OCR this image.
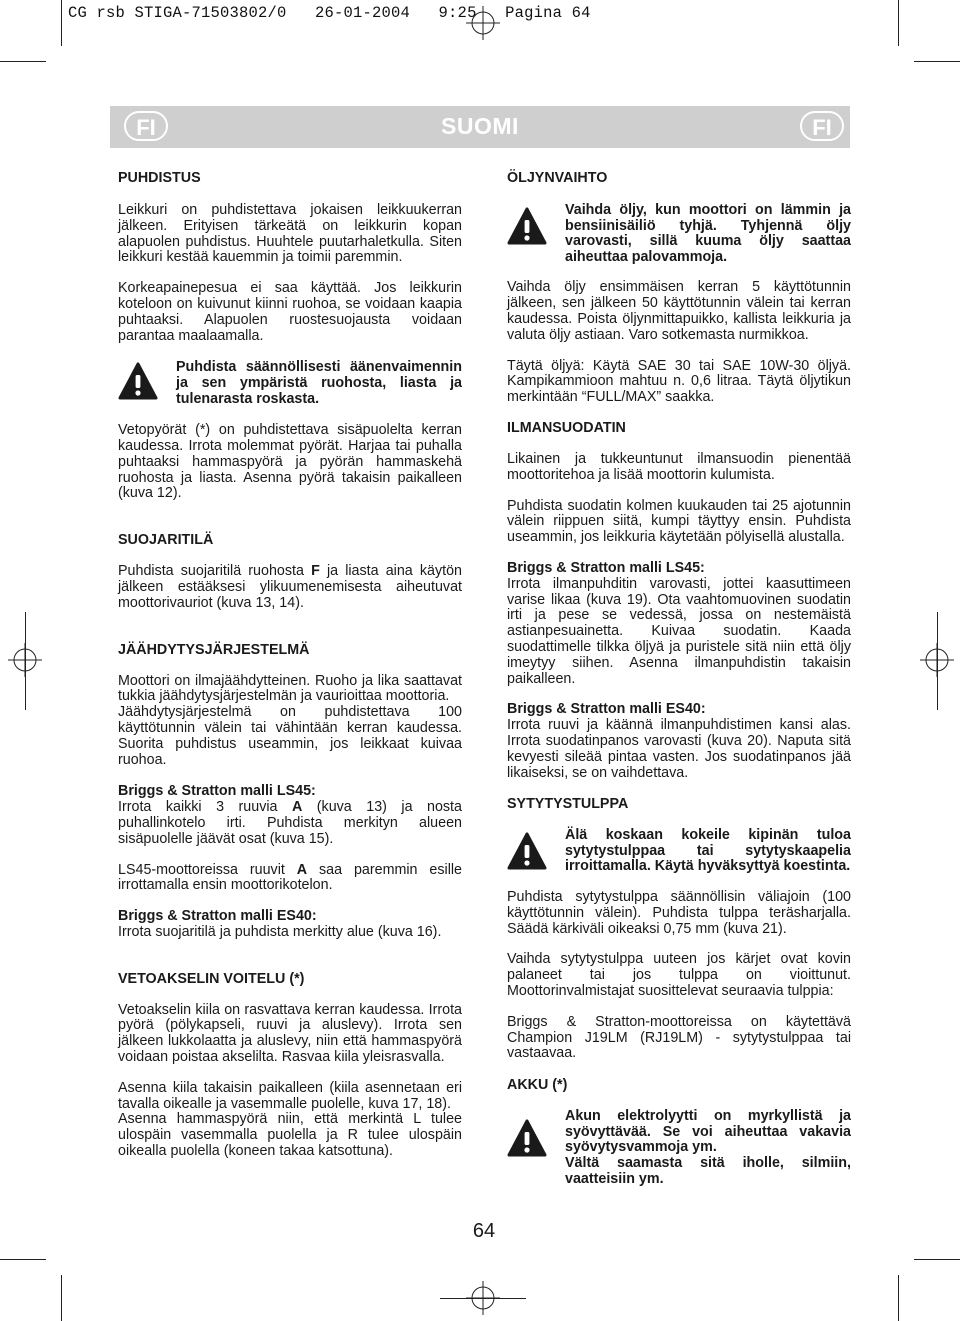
CG rsb STIGA-71503802/0   26-01-2004   9:25   Pagina 64
FI	SUOMI	FI
PUHDISTUS

Leikkuri on puhdistettava jokaisen leikkuukerran jälkeen. Erityisen tärkeätä on leikkurin kopan alapuolen puhdistus. Huuhtele puutarhaletkulla. Siten leikkuri kestää kauemmin ja toimii paremmin.

Korkeapainepesua ei saa käyttää. Jos leikkurin koteloon on kuivunut kiinni ruohoa, se voidaan kaapia puhtaaksi. Alapuolen ruostesuojausta voidaan parantaa maalaamalla.

Puhdista säännöllisesti äänenvaimennin ja sen ympäristä ruohosta, liasta ja tulenarasta roskasta.

Vetopyörät (*) on puhdistettava sisäpuolelta kerran kaudessa. Irrota molemmat pyörät. Harjaa tai puhalla puhtaaksi hammaspyörä ja pyörän hammaskehä ruohosta ja liasta. Asenna pyörä takaisin paikalleen (kuva 12).

SUOJARITILÄ

Puhdista suojaritilä ruohosta F ja liasta aina käytön jälkeen estääksesi ylikuumenemisesta aiheutuvat moottorivauriot (kuva 13, 14).

JÄÄHDYTYSJÄRJESTELMÄ

Moottori on ilmajäähdytteinen. Ruoho ja lika saattavat tukkia jäähdytysjärjestelmän ja vaurioittaa moottoria.

Jäähdytysjärjestelmä on puhdistettava 100 käyttötunnin välein tai vähintään kerran kaudessa. Suorita puhdistus useammin, jos leikkaat kuivaa ruohoa.

Briggs & Stratton malli LS45:

Irrota kaikki 3 ruuvia A (kuva 13) ja nosta puhallinkotelo irti. Puhdista merkityn alueen sisäpuolelle jäävät osat (kuva 15).

LS45-moottoreissa ruuvit A saa paremmin esille irrottamalla ensin moottorikotelon.

Briggs & Stratton malli ES40:

Irrota suojaritilä ja puhdista merkitty alue (kuva 16).

VETOAKSELIN VOITELU (*)

Vetoakselin kiila on rasvattava kerran kaudessa. Irrota pyörä (pölykapseli, ruuvi ja aluslevy). Irrota sen jälkeen lukkolaatta ja aluslevy, niin että hammaspyörä voidaan poistaa akselilta. Rasvaa kiila yleisrasvalla.

Asenna kiila takaisin paikalleen (kiila asennetaan eri tavalla oikealle ja vasemmalle puolelle, kuva 17, 18).

Asenna hammaspyörä niin, että merkintä L tulee ulospäin vasemmalla puolella ja R tulee ulospäin oikealla puolella (koneen takaa katsottuna).

ÖLJYNVAIHTO

Vaihda öljy, kun moottori on lämmin ja bensiinisäiliö tyhjä. Tyhjennä öljy varovasti, sillä kuuma öljy saattaa aiheuttaa palovammoja.

Vaihda öljy ensimmäisen kerran 5 käyttötunnin jälkeen, sen jälkeen 50 käyttötunnin välein tai kerran kaudessa. Poista öljynmittapuikko, kallista leikkuria ja valuta öljy astiaan. Varo sotkemasta nurmikkoa.

Täytä öljyä: Käytä SAE 30 tai SAE 10W-30 öljyä. Kampikammioon mahtuu n. 0,6 litraa. Täytä öljytikun merkintään “FULL/MAX” saakka.

ILMANSUODATIN

Likainen ja tukkeuntunut ilmansuodin pienentää moottoritehoa ja lisää moottorin kulumista.

Puhdista suodatin kolmen kuukauden tai 25 ajotunnin välein riippuen siitä, kumpi täyttyy ensin. Puhdista useammin, jos leikkuria käytetään pölyisellä alustalla.

Briggs & Stratton malli LS45:

Irrota ilmanpuhditin varovasti, jottei kaasuttimeen varise likaa (kuva 19). Ota vaahtomuovinen suodatin irti ja pese se vedessä, jossa on nestemäistä astianpesuainetta. Kuivaa suodatin. Kaada suodattimelle tilkka öljyä ja puristele sitä niin että öljy imeytyy siihen. Asenna ilmanpuhdistin takaisin paikalleen.

Briggs & Stratton malli ES40:

Irrota ruuvi ja käännä ilmanpuhdistimen kansi alas. Irrota suodatinpanos varovasti (kuva 20). Naputa sitä kevyesti sileää pintaa vasten. Jos suodatinpanos jää likaiseksi, se on vaihdettava.

SYTYTYSTULPPA

Älä koskaan kokeile kipinän tuloa sytytystulppaa tai sytytyskaapelia irroittamalla. Käytä hyväksyttyä koestinta.

Puhdista sytytystulppa säännöllisin väliajoin (100 käyttötunnin välein). Puhdista tulppa teräsharjalla. Säädä kärkiväli oikeaksi 0,75 mm (kuva 21).

Vaihda sytytystulppa uuteen jos kärjet ovat kovin palaneet tai jos tulppa on vioittunut. Moottorinvalmistajat suosittelevat seuraavia tulppia:

Briggs & Stratton-moottoreissa on käytettävä Champion J19LM (RJ19LM) - sytytystulppaa tai vastaavaa.

AKKU (*)

Akun elektrolyytti on myrkyllistä ja syövyttävää. Se voi aiheuttaa vakavia syövytysvammoja ym.

Vältä saamasta sitä iholle, silmiin, vaatteisiin ym.

64
